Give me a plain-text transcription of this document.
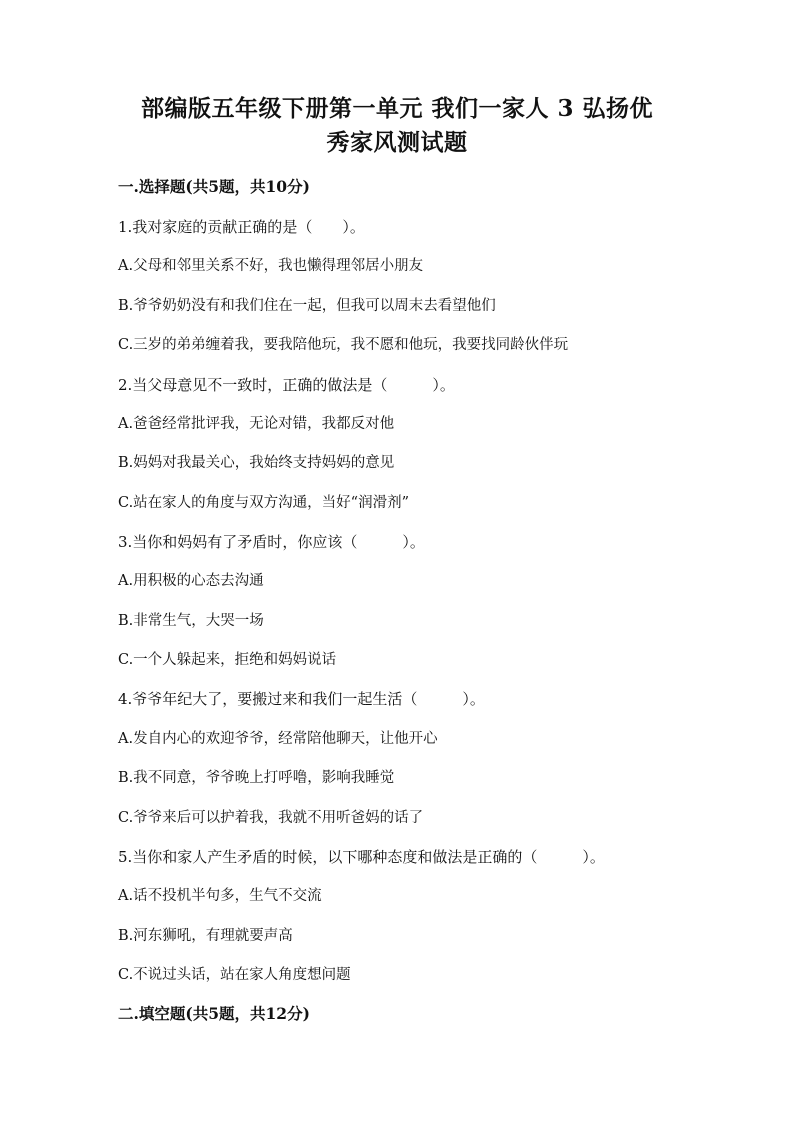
部编版五年级下册第一单元 我们一家人 3 弘扬优
秀家风测试题
一.选择题(共5题，共10分)
1.我对家庭的贡献正确的是（　　）。
A.父母和邻里关系不好，我也懒得理邻居小朋友
B.爷爷奶奶没有和我们住在一起，但我可以周末去看望他们
C.三岁的弟弟缠着我，要我陪他玩，我不愿和他玩，我要找同龄伙伴玩
2.当父母意见不一致时，正确的做法是（　　　）。
A.爸爸经常批评我，无论对错，我都反对他
B.妈妈对我最关心，我始终支持妈妈的意见
C.站在家人的角度与双方沟通，当好“润滑剂”
3.当你和妈妈有了矛盾时，你应该（　　　）。
A.用积极的心态去沟通
B.非常生气，大哭一场
C.一个人躲起来，拒绝和妈妈说话
4.爷爷年纪大了，要搬过来和我们一起生活（　　　）。
A.发自内心的欢迎爷爷，经常陪他聊天，让他开心
B.我不同意，爷爷晚上打呼噜，影响我睡觉
C.爷爷来后可以护着我，我就不用听爸妈的话了
5.当你和家人产生矛盾的时候，以下哪种态度和做法是正确的（　　　）。
A.话不投机半句多，生气不交流
B.河东狮吼，有理就要声高
C.不说过头话，站在家人角度想问题
二.填空题(共5题，共12分)
